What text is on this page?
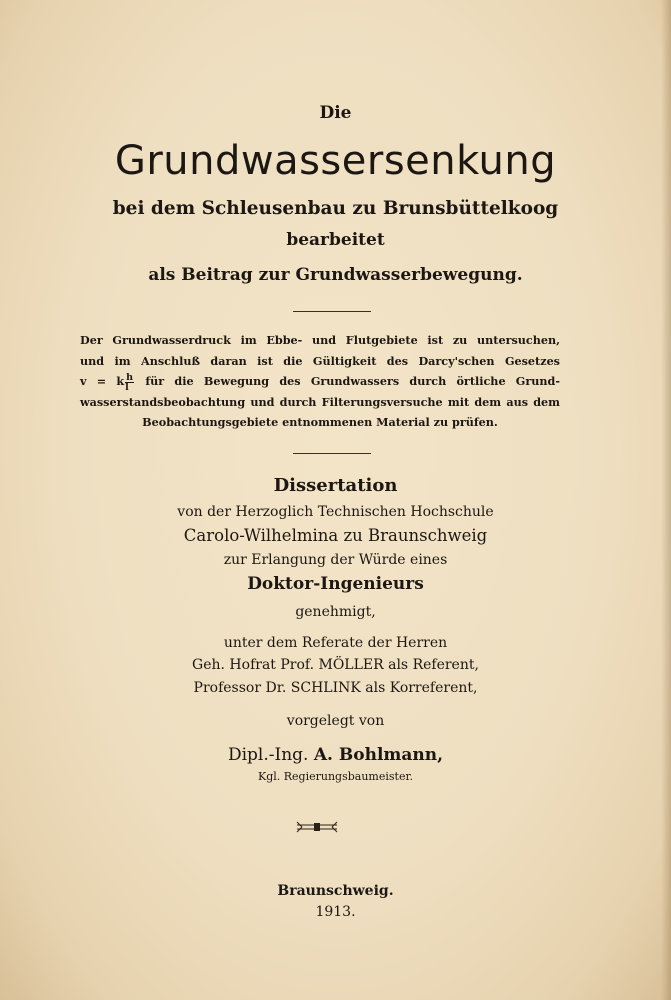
Die
Grundwassersenkung
bei dem Schleusenbau zu Brunsbüttelkoog
bearbeitet
als Beitrag zur Grundwasserbewegung.
Der Grundwasserdruck im Ebbe- und Flutgebiete ist zu untersuchen,
und im Anschluß daran ist die Gültigkeit des Darcy'schen Gesetzes
v = k $\frac{h}{l}$ für die Bewegung des Grundwassers durch örtliche Grund-
wasserstandsbeobachtung und durch Filterungsversuche mit dem aus dem
Beobachtungsgebiete entnommenen Material zu prüfen.
Dissertation
von der Herzoglich Technischen Hochschule
Carolo-Wilhelmina zu Braunschweig
zur Erlangung der Würde eines
Doktor-Ingenieurs
genehmigt,
unter dem Referate der Herren
Geh. Hofrat Prof. MÖLLER als Referent,
Professor Dr. SCHLINK als Korreferent,
vorgelegt von
Dipl.-Ing. A. Bohlmann,
Kgl. Regierungsbaumeister.
Braunschweig.
1913.
